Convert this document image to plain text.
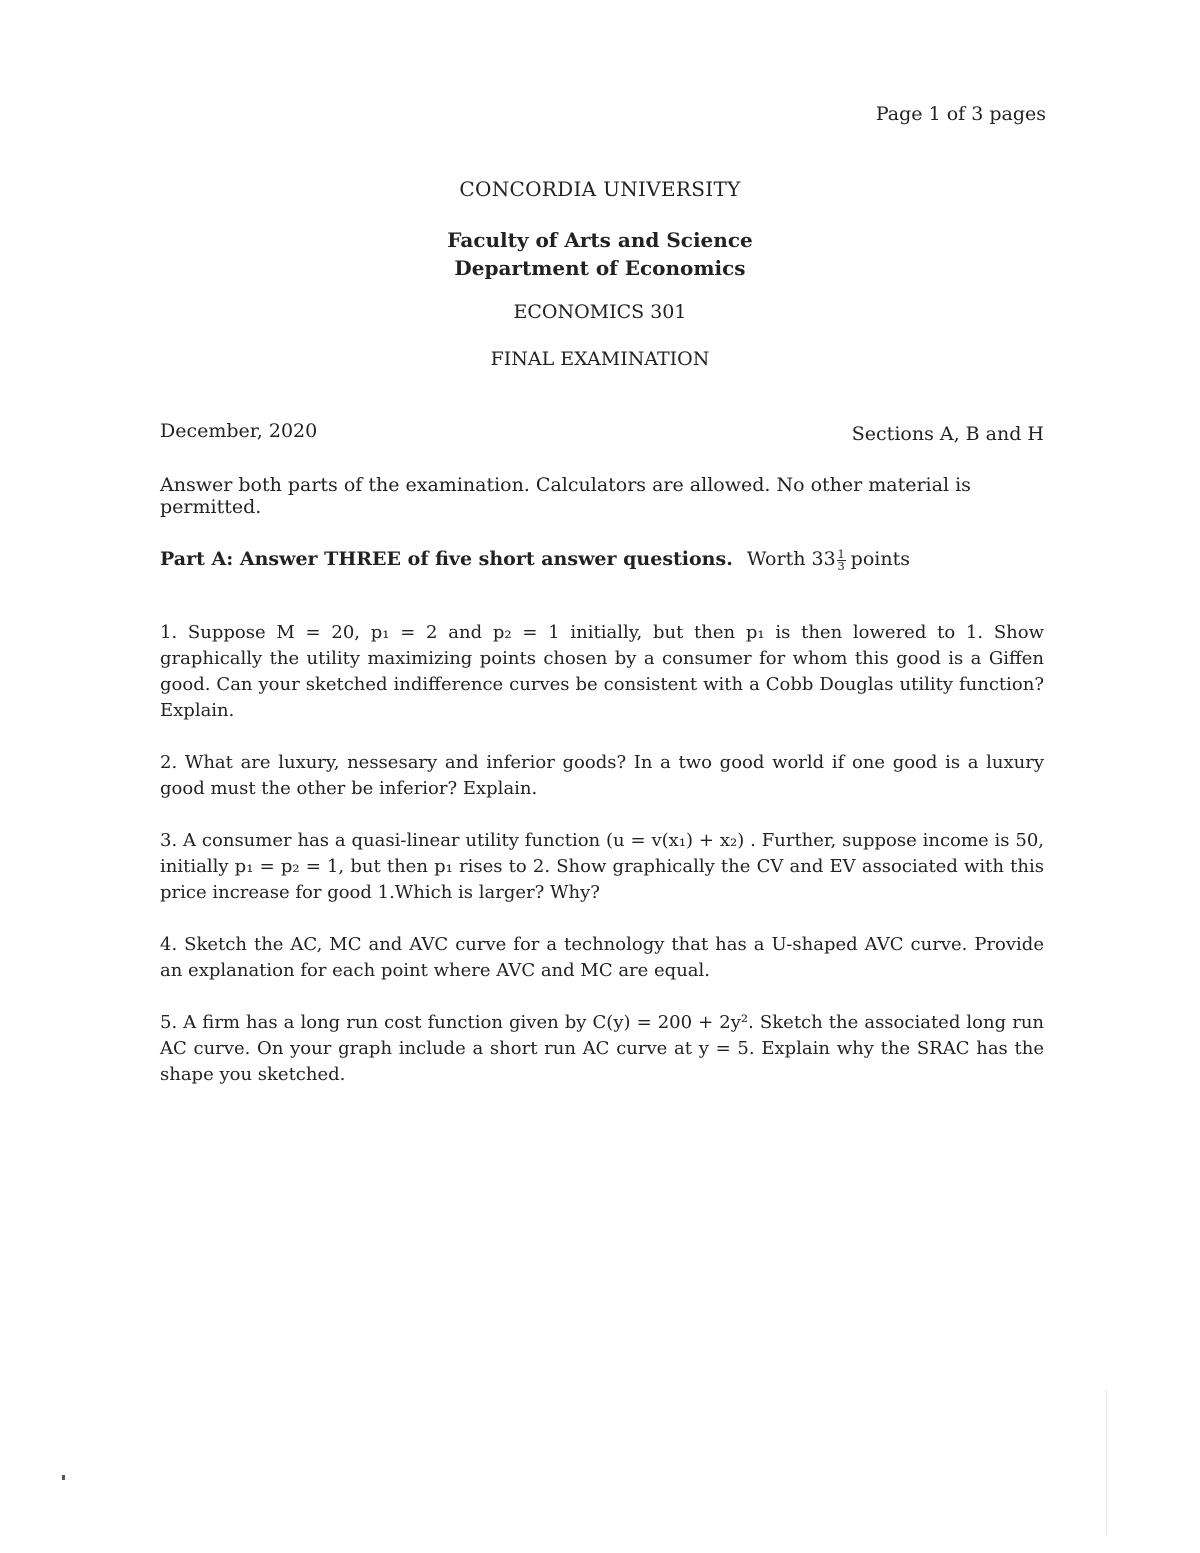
Page 1 of 3 pages
CONCORDIA UNIVERSITY
Faculty of Arts and Science
Department of Economics
ECONOMICS 301
FINAL EXAMINATION
December, 2020	Sections A, B and H
Answer both parts of the examination. Calculators are allowed. No other material is permitted.
Part A: Answer THREE of five short answer questions. Worth $33 \frac{1}{3}$ points

1. Suppose M = 20, p₁ = 2 and p₂ = 1 initially, but then p₁ is then lowered to 1. Show graphically the utility maximizing points chosen by a consumer for whom this good is a Giffen good. Can your sketched indifference curves be consistent with a Cobb Douglas utility function? Explain.

2. What are luxury, nessesary and inferior goods? In a two good world if one good is a luxury good must the other be inferior? Explain.

3. A consumer has a quasi-linear utility function (u = v(x₁) + x₂) . Further, suppose income is 50, initially p₁ = p₂ = 1, but then p₁ rises to 2. Show graphically the CV and EV associated with this price increase for good 1.Which is larger? Why?

4. Sketch the AC, MC and AVC curve for a technology that has a U-shaped AVC curve. Provide an explanation for each point where AVC and MC are equal.

5. A firm has a long run cost function given by C(y) = 200 + 2y². Sketch the associated long run AC curve. On your graph include a short run AC curve at y = 5. Explain why the SRAC has the shape you sketched.
